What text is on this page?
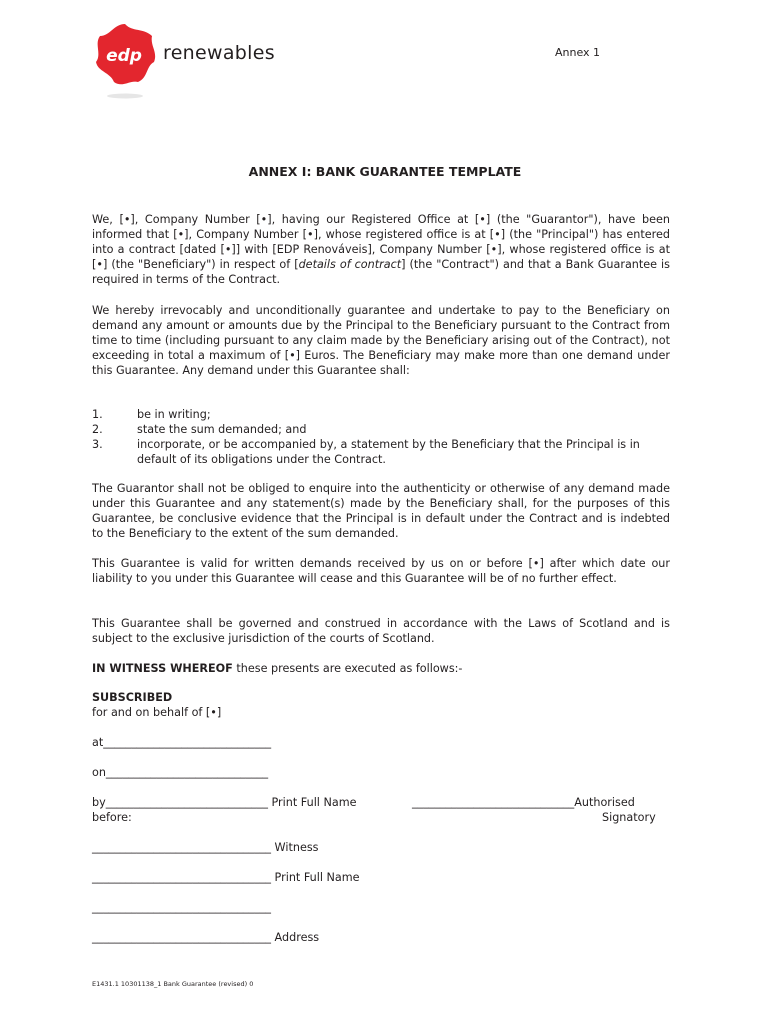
edp renewables	Annex 1
ANNEX I: BANK GUARANTEE TEMPLATE
We, [•], Company Number [•], having our Registered Office at [•] (the "Guarantor"), have been informed that [•], Company Number [•], whose registered office is at [•] (the "Principal") has entered into a contract [dated [•]] with [EDP Renováveis], Company Number [•], whose registered office is at [•] (the "Beneficiary") in respect of [details of contract] (the "Contract") and that a Bank Guarantee is required in terms of the Contract.
We hereby irrevocably and unconditionally guarantee and undertake to pay to the Beneficiary on demand any amount or amounts due by the Principal to the Beneficiary pursuant to the Contract from time to time (including pursuant to any claim made by the Beneficiary arising out of the Contract), not exceeding in total a maximum of [•] Euros. The Beneficiary may make more than one demand under this Guarantee. Any demand under this Guarantee shall:
1.	be in writing;
2.	state the sum demanded; and
3.	incorporate, or be accompanied by, a statement by the Beneficiary that the Principal is in default of its obligations under the Contract.
The Guarantor shall not be obliged to enquire into the authenticity or otherwise of any demand made under this Guarantee and any statement(s) made by the Beneficiary shall, for the purposes of this Guarantee, be conclusive evidence that the Principal is in default under the Contract and is indebted to the Beneficiary to the extent of the sum demanded.
This Guarantee is valid for written demands received by us on or before [•] after which date our liability to you under this Guarantee will cease and this Guarantee will be of no further effect.
This Guarantee shall be governed and construed in accordance with the Laws of Scotland and is subject to the exclusive jurisdiction of the courts of Scotland.
IN WITNESS WHEREOF these presents are executed as follows:-
SUBSCRIBED
for and on behalf of [•]
at______________________________
on_____________________________
by_____________________________ Print Full Name	_____________________________Authorised
before:	Signatory
________________________________ Witness
________________________________ Print Full Name
________________________________
________________________________ Address
E1431.1 10301138_1 Bank Guarantee (revised) 0
